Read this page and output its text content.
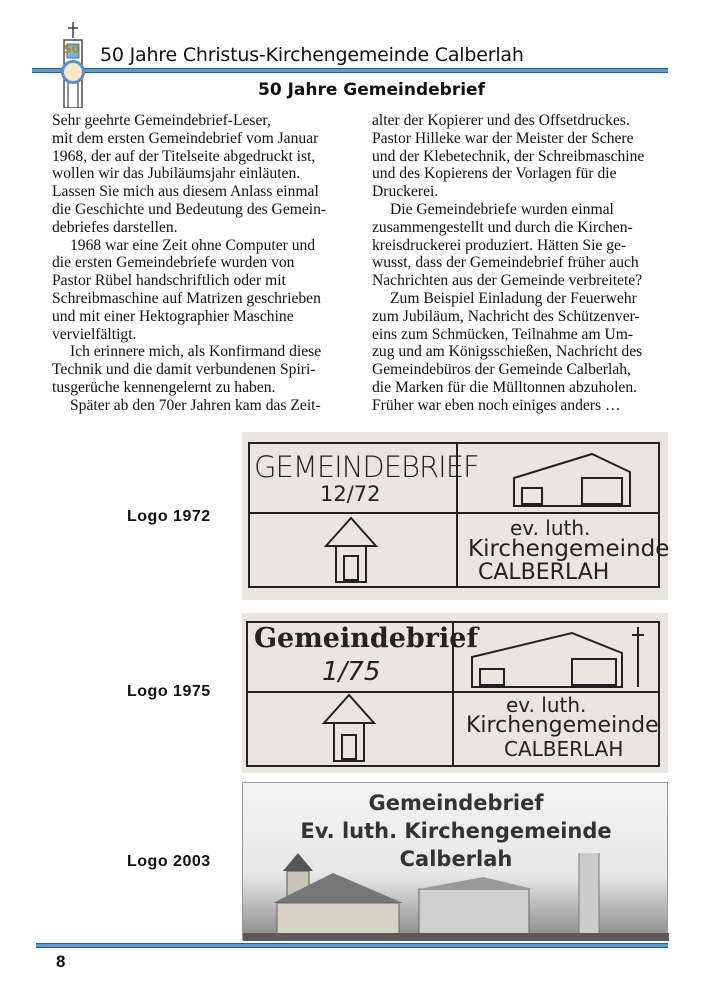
50 50 Jahre Christus-Kirchengemeinde Calberlah
50 Jahre Gemeindebrief
Sehr geehrte Gemeindebrief-Leser,
mit dem ersten Gemeindebrief vom Januar
1968, der auf der Titelseite abgedruckt ist,
wollen wir das Jubiläumsjahr einläuten.
Lassen Sie mich aus diesem Anlass einmal
die Geschichte und Bedeutung des Gemein-
debriefes darstellen.
1968 war eine Zeit ohne Computer und
die ersten Gemeindebriefe wurden von
Pastor Rübel handschriftlich oder mit
Schreibmaschine auf Matrizen geschrieben
und mit einer Hektographier Maschine
vervielfältigt.
Ich erinnere mich, als Konfirmand diese
Technik und die damit verbundenen Spiri-
tusgerüche kennengelernt zu haben.
Später ab den 70er Jahren kam das Zeit-
alter der Kopierer und des Offsetdruckes.
Pastor Hilleke war der Meister der Schere
und der Klebetechnik, der Schreibmaschine
und des Kopierens der Vorlagen für die
Druckerei.
Die Gemeindebriefe wurden einmal
zusammengestellt und durch die Kirchen-
kreisdruckerei produziert. Hätten Sie ge-
wusst, dass der Gemeindebrief früher auch
Nachrichten aus der Gemeinde verbreitete?
Zum Beispiel Einladung der Feuerwehr
zum Jubiläum, Nachricht des Schützenver-
eins zum Schmücken, Teilnahme am Um-
zug und am Königsschießen, Nachricht des
Gemeindebüros der Gemeinde Calberlah,
die Marken für die Mülltonnen abzuholen.
Früher war eben noch einiges anders …
Logo 1972
GEMEINDEBRIEF
12/72
ev. luth.
Kirchengemeinde
CALBERLAH
Logo 1975
Gemeindebrief
1/75
ev. luth.
Kirchengemeinde
CALBERLAH
Logo 2003
Gemeindebrief
Ev. luth. Kirchengemeinde
Calberlah
8
